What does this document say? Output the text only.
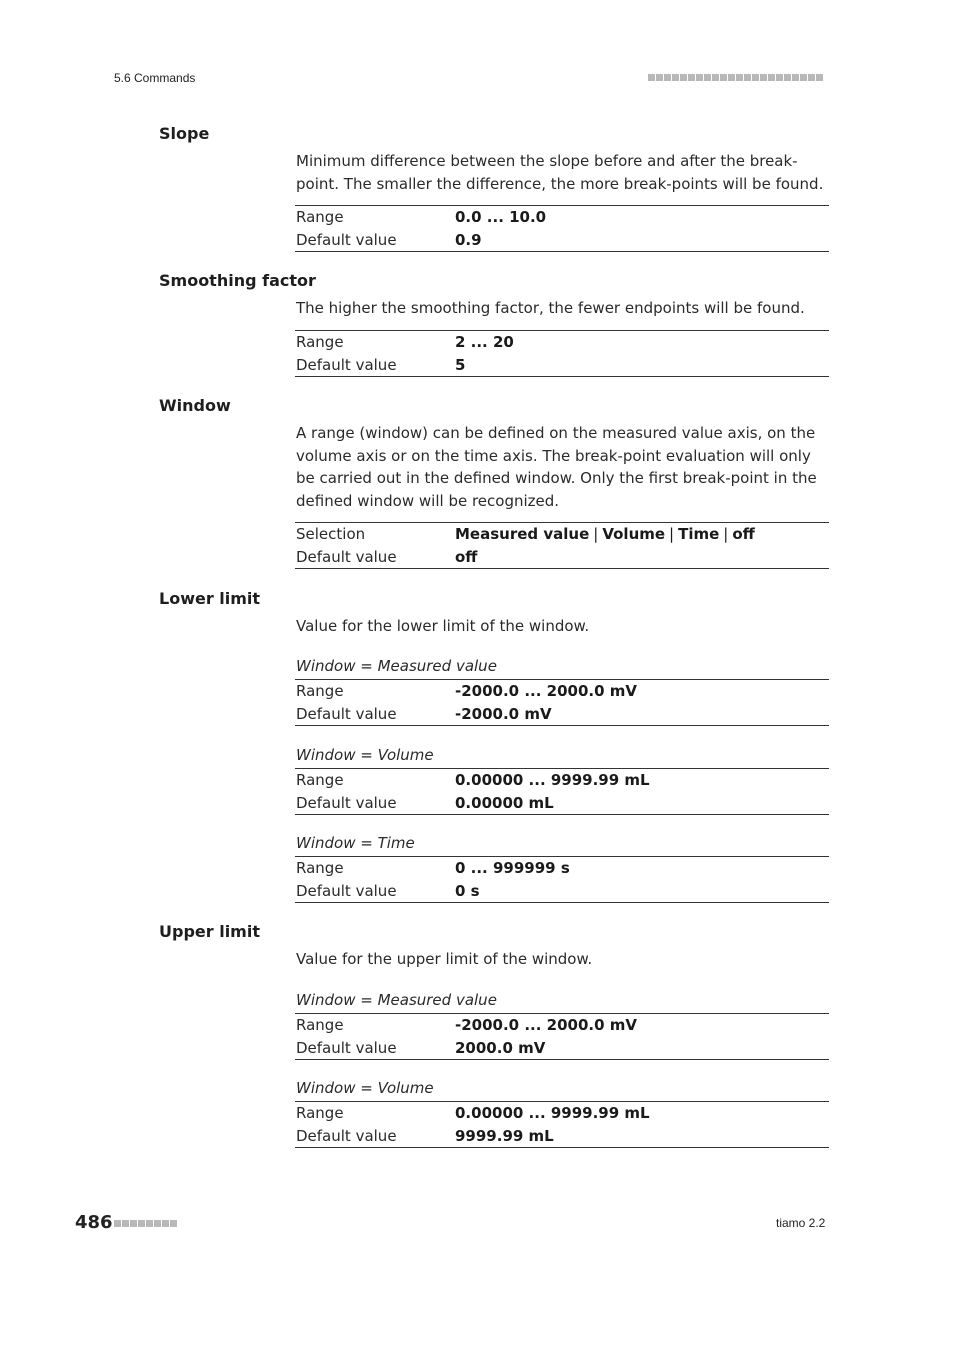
5.6 Commands
Slope
Minimum difference between the slope before and after the break-point. The smaller the difference, the more break-points will be found.
Range	0.0 ... 10.0
Default value	0.9
Smoothing factor
The higher the smoothing factor, the fewer endpoints will be found.
Range	2 ... 20
Default value	5
Window
A range (window) can be defined on the measured value axis, on the volume axis or on the time axis. The break-point evaluation will only be carried out in the defined window. Only the first break-point in the defined window will be recognized.
Selection	Measured value | Volume | Time | off
Default value	off
Lower limit
Value for the lower limit of the window.
Window = Measured value
Range	-2000.0 ... 2000.0 mV
Default value	-2000.0 mV
Window = Volume
Range	0.00000 ... 9999.99 mL
Default value	0.00000 mL
Window = Time
Range	0 ... 999999 s
Default value	0 s
Upper limit
Value for the upper limit of the window.
Window = Measured value
Range	-2000.0 ... 2000.0 mV
Default value	2000.0 mV
Window = Volume
Range	0.00000 ... 9999.99 mL
Default value	9999.99 mL
486	tiamo 2.2
